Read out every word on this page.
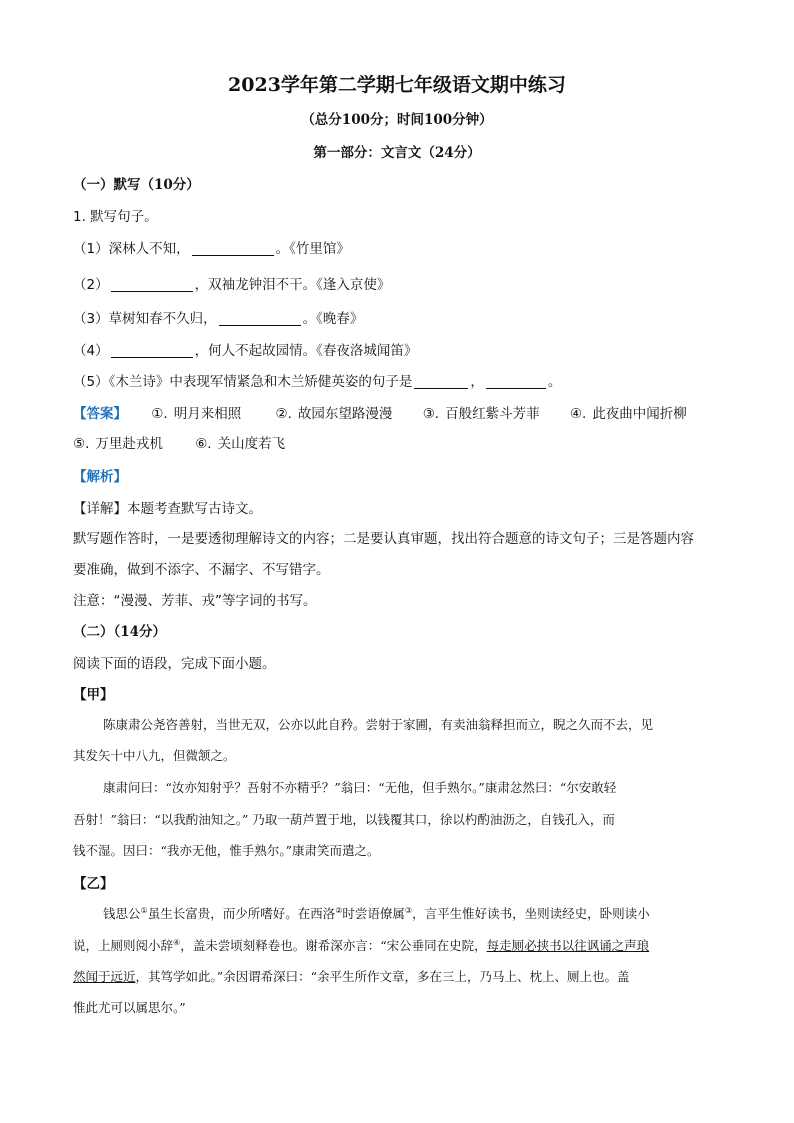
2023学年第二学期七年级语文期中练习
（总分100分；时间100分钟）
第一部分：文言文（24分）
（一）默写（10分）
1. 默写句子。
（1）深林人不知，	。《竹里馆》
（2）	，双袖龙钟泪不干。《逢入京使》
（3）草树知春不久归，	。《晚春》
（4）	，何人不起故园情。《春夜洛城闻笛》
（5）《木兰诗》中表现军情紧急和木兰矫健英姿的句子是	，	。
【答案】 ①. 明月来相照	②. 故园东望路漫漫 ③. 百般红紫斗芳菲 ④. 此夜曲中闻折柳
⑤. 万里赴戎机 ⑥. 关山度若飞
【解析】
【详解】本题考查默写古诗文。
默写题作答时，一是要透彻理解诗文的内容；二是要认真审题，找出符合题意的诗文句子；三是答题内容
要准确，做到不添字、不漏字、不写错字。
注意：“漫漫、芳菲、戎”等字词的书写。
（二）（14分）
阅读下面的语段，完成下面小题。
【甲】
陈康肃公尧咨善射，当世无双，公亦以此自矜。尝射于家圃，有卖油翁释担而立，睨之久而不去，见
其发矢十中八九，但微颔之。
康肃问曰：“汝亦知射乎？吾射不亦精乎？”翁曰：“无他，但手熟尔。”康肃忿然曰：“尔安敢轻
吾射！”翁曰：“以我酌油知之。” 乃取一葫芦置于地，以钱覆其口，徐以杓酌油沥之，自钱孔入，而
钱不湿。因曰：“我亦无他，惟手熟尔。”康肃笑而遣之。
【乙】
钱思公①虽生长富贵，而少所嗜好。在西洛②时尝语僚属③，言平生惟好读书，坐则读经史，卧则读小
说，上厕则阅小辞④，盖未尝顷刻释卷也。谢希深亦言：“宋公垂同在史院，每走厕必挟书以往讽诵之声琅
然闻于远近，其笃学如此。”余因谓希深曰：“余平生所作文章，多在三上，乃马上、枕上、厕上也。盖
惟此尤可以属思尔。”
